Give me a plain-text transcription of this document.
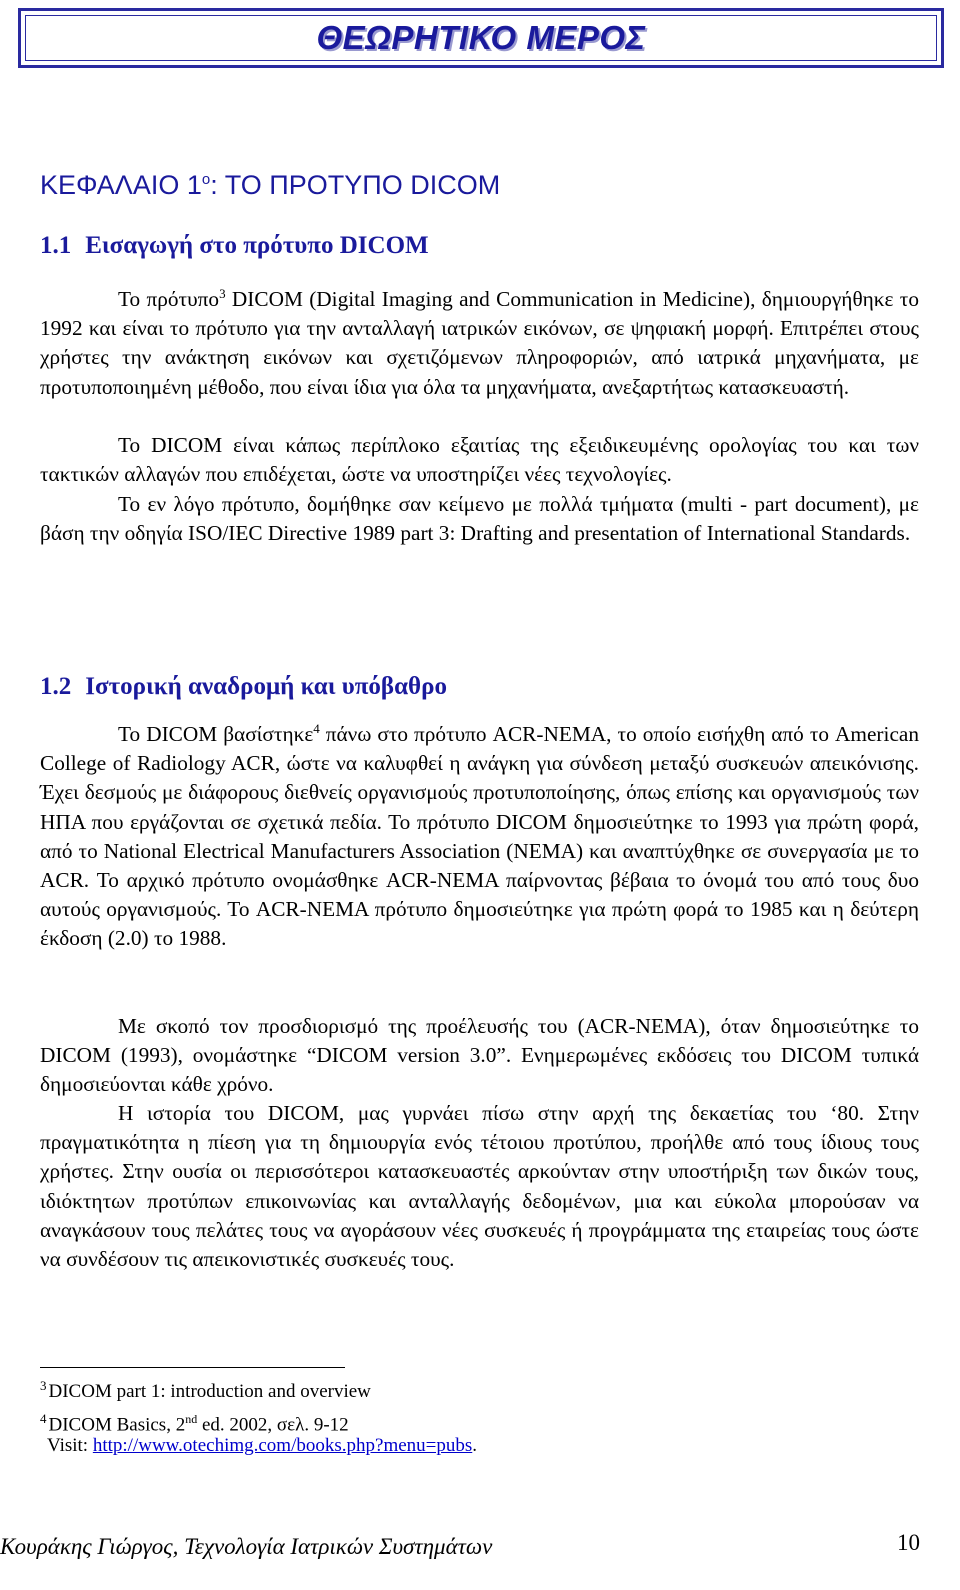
ΘΕΩΡΗΤΙΚΟ ΜΕΡΟΣ
ΚΕΦΑΛΑΙΟ $1^o$: ΤΟ ΠΡΟΤΥΠΟ DICOM
1.1 Εισαγωγή στο πρότυπο DICOM

Το πρότυπο$^3$ DICOM (Digital Imaging and Communication in Medicine), δημιουργήθηκε το 1992 και είναι το πρότυπο για την ανταλλαγή ιατρικών εικόνων, σε ψηφιακή μορφή. Επιτρέπει στους χρήστες την ανάκτηση εικόνων και σχετιζόμενων πληροφοριών, από ιατρικά μηχανήματα, με προτυποποιημένη μέθοδο, που είναι ίδια για όλα τα μηχανήματα, ανεξαρτήτως κατασκευαστή.

Το DICOM είναι κάπως περίπλοκο εξαιτίας της εξειδικευμένης ορολογίας του και των τακτικών αλλαγών που επιδέχεται, ώστε να υποστηρίζει νέες τεχνολογίες.

Το εν λόγο πρότυπο, δομήθηκε σαν κείμενο με πολλά τμήματα (multi - part document), με βάση την οδηγία ISO/IEC Directive 1989 part 3: Drafting and presentation of International Standards.

1.2 Ιστορική αναδρομή και υπόβαθρο

Το DICOM βασίστηκε$^4$ πάνω στο πρότυπο ACR-NEMA, το οποίο εισήχθη από το American College of Radiology ACR, ώστε να καλυφθεί η ανάγκη για σύνδεση μεταξύ συσκευών απεικόνισης. Έχει δεσμούς με διάφορους διεθνείς οργανισμούς προτυποποίησης, όπως επίσης και οργανισμούς των ΗΠΑ που εργάζονται σε σχετικά πεδία. Το πρότυπο DICOM δημοσιεύτηκε το 1993 για πρώτη φορά, από το National Electrical Manufacturers Association (NEMA) και αναπτύχθηκε σε συνεργασία με το ACR. Το αρχικό πρότυπο ονομάσθηκε ACR-NEMA παίρνοντας βέβαια το όνομά του από τους δυο αυτούς οργανισμούς. Το ACR-NEMA πρότυπο δημοσιεύτηκε για πρώτη φορά το 1985 και η δεύτερη έκδοση (2.0) το 1988.

Με σκοπό τον προσδιορισμό της προέλευσής του (ACR-NEMA), όταν δημοσιεύτηκε το DICOM (1993), ονομάστηκε “DICOM version 3.0”. Ενημερωμένες εκδόσεις του DICOM τυπικά δημοσιεύονται κάθε χρόνο.

Η ιστορία του DICOM, μας γυρνάει πίσω στην αρχή της δεκαετίας του ‘80. Στην πραγματικότητα η πίεση για τη δημιουργία ενός τέτοιου προτύπου, προήλθε από τους ίδιους τους χρήστες. Στην ουσία οι περισσότεροι κατασκευαστές αρκούνταν στην υποστήριξη των δικών τους, ιδιόκτητων προτύπων επικοινωνίας και ανταλλαγής δεδομένων, μια και εύκολα μπορούσαν να αναγκάσουν τους πελάτες τους να αγοράσουν νέες συσκευές ή προγράμματα της εταιρείας τους ώστε να συνδέσουν τις απεικονιστικές συσκευές τους.

$^3$ DICOM part 1: introduction and overview
$^4$ DICOM Basics, 2nd ed. 2002, σελ. 9-12
Visit: http://www.otechimg.com/books.php?menu=pubs.
Κουράκης Γιώργος, Τεχνολογία Ιατρικών Συστημάτων	10
